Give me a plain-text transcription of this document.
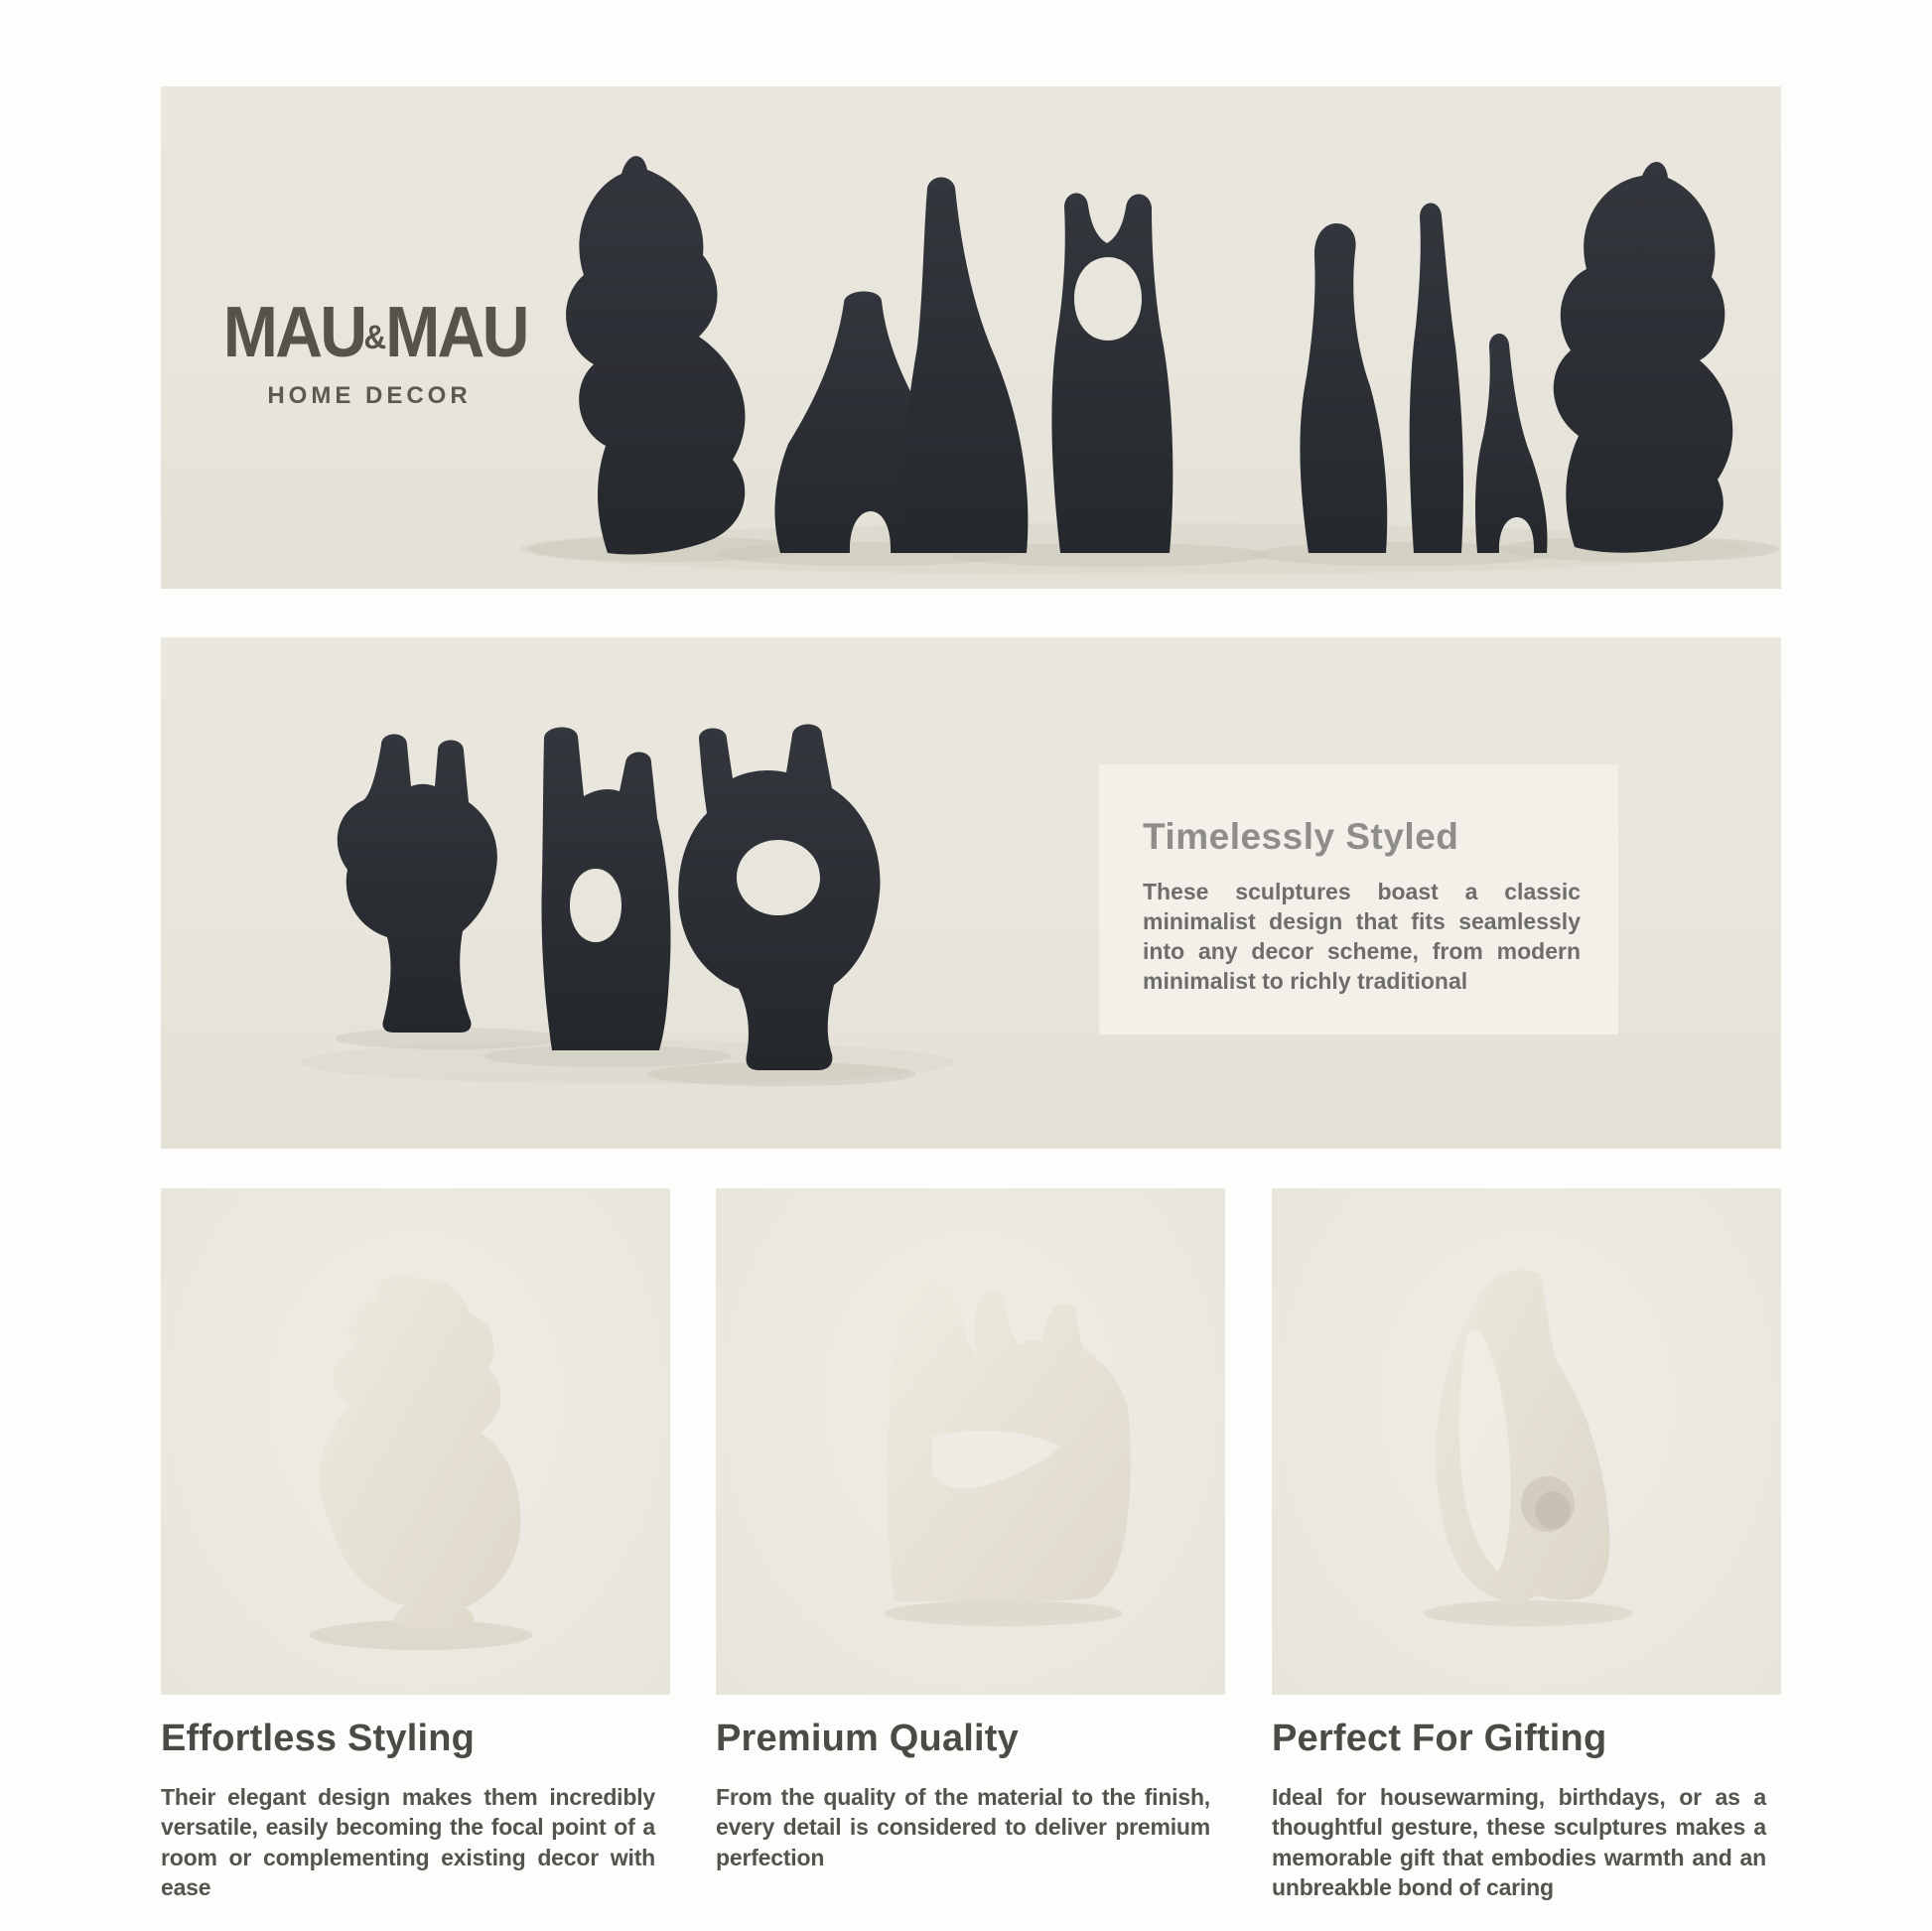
MAU&MAU
HOME DECOR
Timelessly Styled

These sculptures boast a classic minimalist design that fits seamlessly into any decor scheme, from modern minimalist to richly traditional

Effortless Styling

Their elegant design makes them incredibly versatile, easily becoming the focal point of a room or complementing existing decor with ease

Premium Quality

From the quality of the material to the finish, every detail is considered to deliver premium perfection

Perfect For Gifting

Ideal for housewarming, birthdays, or as a thoughtful gesture, these sculptures makes a memorable gift that embodies warmth and an unbreakble bond of caring
